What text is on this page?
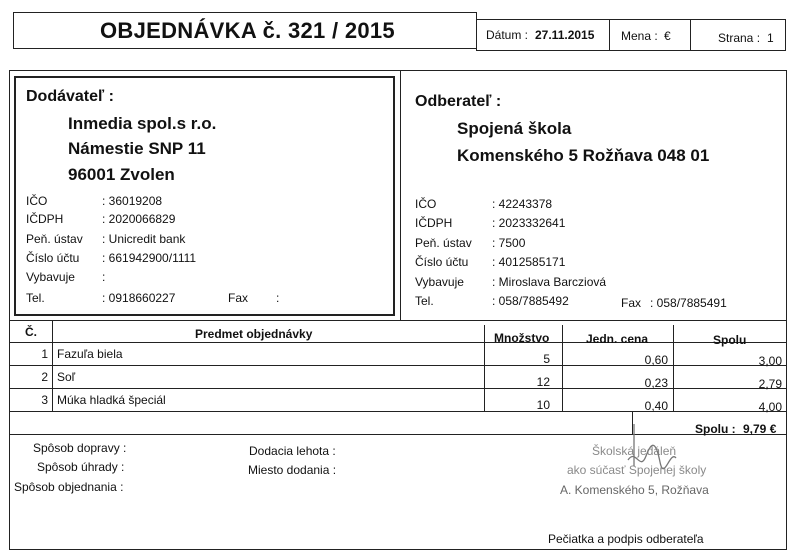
OBJEDNÁVKA č. 321 / 2015	Dátum : 27.11.2015 Mena : €	Strana : 1
Dodávateľ :
Inmedia spol.s r.o.
Námestie SNP 11
96001 Zvolen
IČO	: 36019208
IČDPH	: 2020066829
Peň. ústav : Unicredit bank
Číslo účtu : 661942900/1111
Vybavuje :
Tel.	: 0918660227	Fax :
Odberateľ :
Spojená škola
Komenského 5 Rožňava 048 01
IČO	: 42243378
IČDPH	: 2023332641
Peň. ústav : 7500
Číslo účtu : 4012585171
Vybavuje : Miroslava Barcziová
Tel.	: 058/7885492	Fax : 058/7885491
Č.	Predmet objednávky	Množstvo	Jedn. cena	Spolu
1 Fazuľa biela	5	0,60	3,00
2 Soľ	12	0,23	2,79
3 Múka hladká špeciál	10	0,40	4,00
Spolu : 9,79 €
Spôsob dopravy :	Dodacia lehota :
Spôsob úhrady :	Miesto dodania :
Spôsob objednania :
Školská jedáleň
ako súčasť Spojenej školy
A. Komenského 5, Rožňava
Pečiatka a podpis odberateľa
